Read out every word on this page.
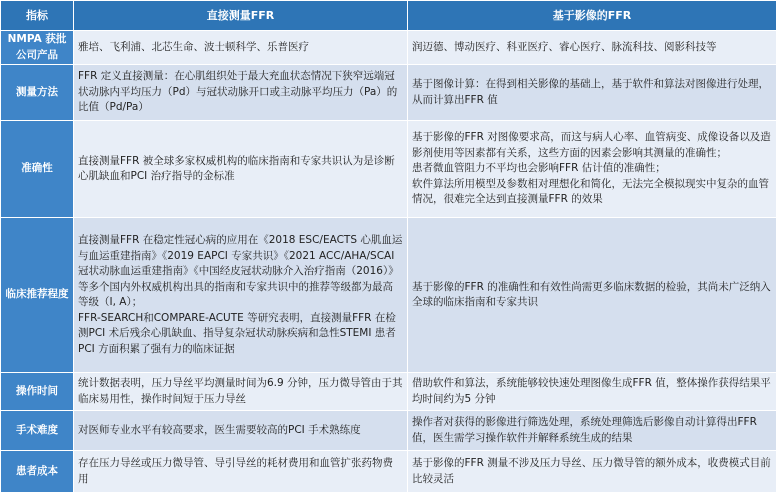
指标	直接测量FFR	基于影像的FFR
NMPA 获批公司产品	雅培、飞利浦、北芯生命、波士顿科学、乐普医疗	润迈德、博动医疗、科亚医疗、睿心医疗、脉流科技、阅影科技等

测量方法	FFR 定义直接测量：在心肌组织处于最大充血状态情况下狭窄远端冠状动脉内平均压力（Pd）与冠状动脉开口或主动脉平均压力（Pa）的比值（Pd/Pa）	基于图像计算：在得到相关影像的基础上，基于软件和算法对图像进行处理，从而计算出FFR 值

准确性	直接测量FFR 被全球多家权威机构的临床指南和专家共识认为是诊断心肌缺血和PCI 治疗指导的金标准	基于影像的FFR 对图像要求高，而这与病人心率、血管病变、成像设备以及造影剂使用等因素都有关系，这些方面的因素会影响其测量的准确性；
患者微血管阻力不平均也会影响FFR 估计值的准确性；
软件算法所用模型及参数相对理想化和简化，无法完全模拟现实中复杂的血管情况，很难完全达到直接测量FFR 的效果

临床推荐程度	直接测量FFR 在稳定性冠心病的应用在《2018 ESC/EACTS 心肌血运与血运重建指南》《2019 EAPCI 专家共识》《2021 ACC/AHA/SCAI 冠状动脉血运重建指南》《中国经皮冠状动脉介入治疗指南（2016）》等多个国内外权威机构出具的指南和专家共识中的推荐等级都为最高等级（Ⅰ, A）；
FFR-SEARCH和COMPARE-ACUTE 等研究表明，直接测量FFR 在检测PCI 术后残余心肌缺血、指导复杂冠状动脉疾病和急性STEMI 患者PCI 方面积累了强有力的临床证据	基于影像的FFR 的准确性和有效性尚需更多临床数据的检验，其尚未广泛纳入全球的临床指南和专家共识

操作时间	统计数据表明，压力导丝平均测量时间为6.9 分钟，压力微导管由于其临床易用性，操作时间短于压力导丝	借助软件和算法，系统能够较快速处理图像生成FFR 值，整体操作获得结果平均时间约为5 分钟

手术难度	对医师专业水平有较高要求，医生需要较高的PCI 手术熟练度	操作者对获得的影像进行筛选处理，系统处理筛选后影像自动计算得出FFR 值，医生需学习操作软件并解释系统生成的结果

患者成本	存在压力导丝或压力微导管、导引导丝的耗材费用和血管扩张药物费用	基于影像的FFR 测量不涉及压力导丝、压力微导管的额外成本，收费模式目前比较灵活
